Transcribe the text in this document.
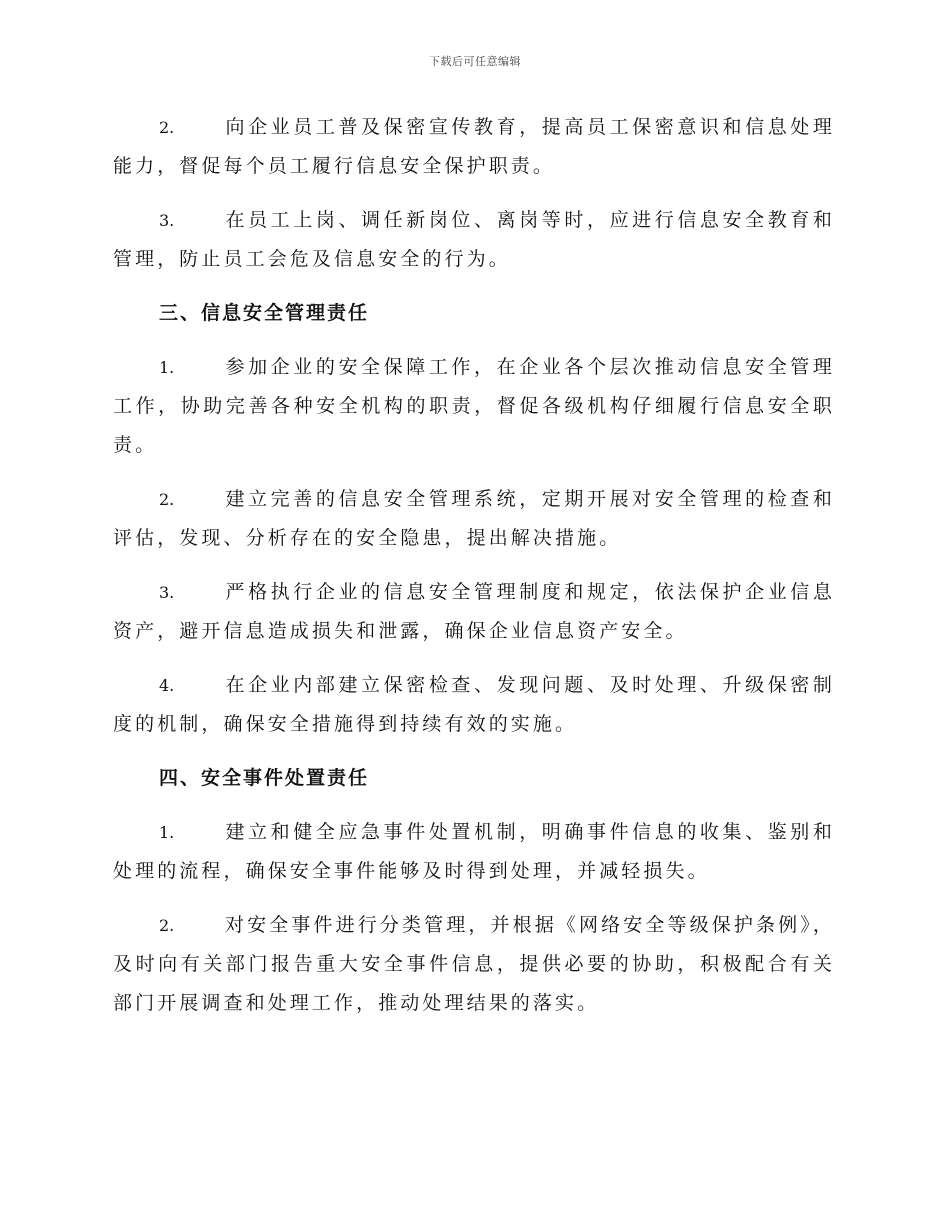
下载后可任意编辑
2.	向企业员工普及保密宣传教育，提高员工保密意识和信息处理能力，督促每个员工履行信息安全保护职责。
3.	在员工上岗、调任新岗位、离岗等时，应进行信息安全教育和管理，防止员工会危及信息安全的行为。
三、信息安全管理责任
1.	参加企业的安全保障工作，在企业各个层次推动信息安全管理工作，协助完善各种安全机构的职责，督促各级机构仔细履行信息安全职责。
2.	建立完善的信息安全管理系统，定期开展对安全管理的检查和评估，发现、分析存在的安全隐患，提出解决措施。
3.	严格执行企业的信息安全管理制度和规定，依法保护企业信息资产，避开信息造成损失和泄露，确保企业信息资产安全。
4.	在企业内部建立保密检查、发现问题、及时处理、升级保密制度的机制，确保安全措施得到持续有效的实施。
四、安全事件处置责任
1.	建立和健全应急事件处置机制，明确事件信息的收集、鉴别和处理的流程，确保安全事件能够及时得到处理，并减轻损失。
2.	对安全事件进行分类管理，并根据《网络安全等级保护条例》，及时向有关部门报告重大安全事件信息，提供必要的协助，积极配合有关部门开展调查和处理工作，推动处理结果的落实。
